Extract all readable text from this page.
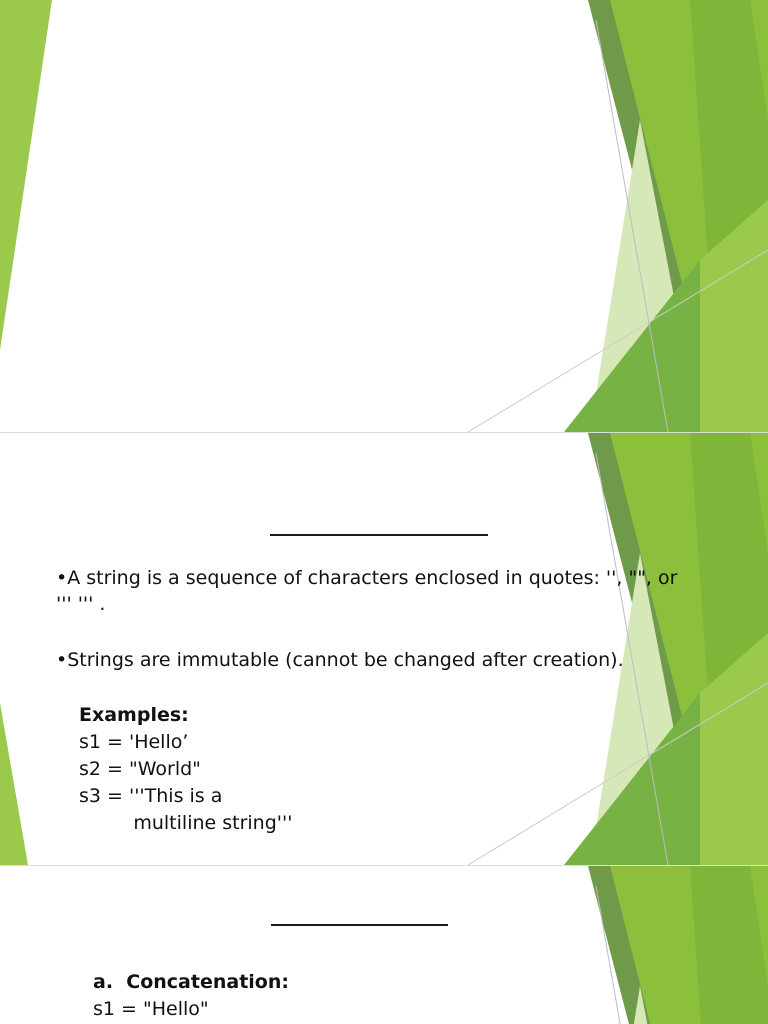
•A string is a sequence of characters enclosed in quotes: '', "", or

''' ''' .

•Strings are immutable (cannot be changed after creation).

Examples:

s1 = 'Hello’

s2 = "World"

s3 = '''This is a

multiline string'''

a.  Concatenation:

s1 = "Hello"
